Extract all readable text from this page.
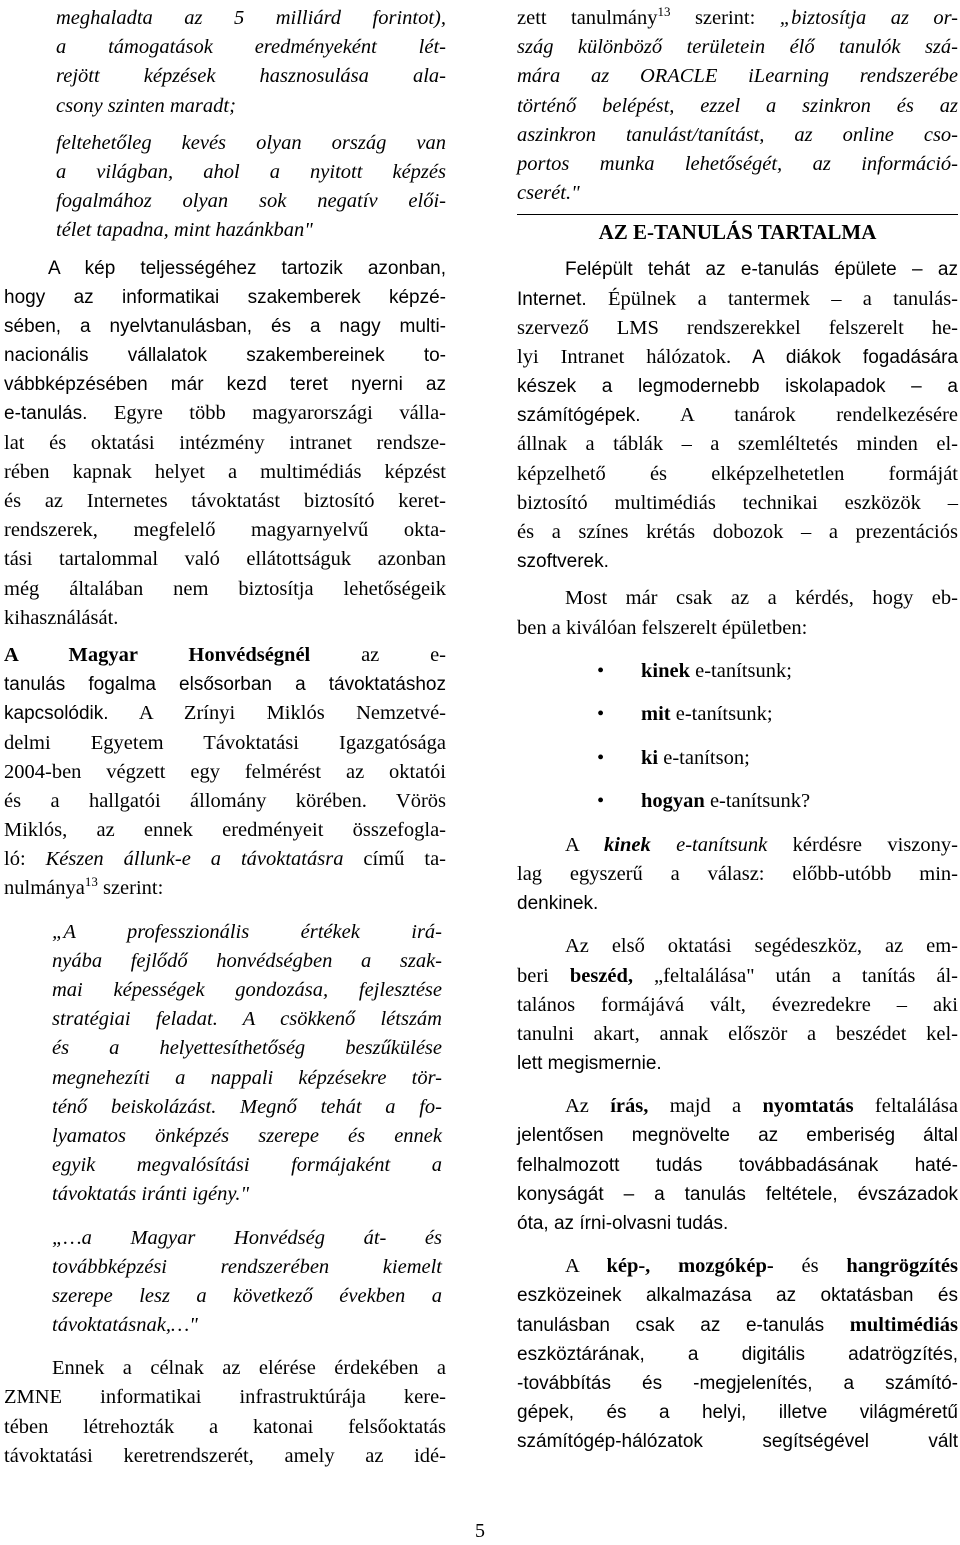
meghaladta az 5 milliárd forintot),
a támogatások eredményeként lét-
rejött képzések hasznosulása ala-
csony szinten maradt;
feltehetőleg kevés olyan ország van
a világban, ahol a nyitott képzés
fogalmához olyan sok negatív elői-
télet tapadna, mint hazánkban"
A kép teljességéhez tartozik azonban,
hogy az informatikai szakemberek képzé-
sében, a nyelvtanulásban, és a nagy multi-
nacionális vállalatok szakembereinek to-
vábbképzésében már kezd teret nyerni az
e-tanulás. Egyre több magyarországi válla-
lat és oktatási intézmény intranet rendsze-
rében kapnak helyet a multimédiás képzést
és az Internetes távoktatást biztosító keret-
rendszerek, megfelelő magyarnyelvű okta-
tási tartalommal való ellátottságuk azonban
még általában nem biztosítja lehetőségeik
kihasználását.
A Magyar Honvédségnél az e-
tanulás fogalma elsősorban a távoktatáshoz
kapcsolódik. A Zrínyi Miklós Nemzetvé-
delmi Egyetem Távoktatási Igazgatósága
2004-ben végzett egy felmérést az oktatói
és a hallgatói állomány körében. Vörös
Miklós, az ennek eredményeit összefogla-
ló: Készen állunk-e a távoktatásra című ta-
nulmánya$^{13}$ szerint:
„A professzionális értékek irá-
nyába fejlődő honvédségben a szak-
mai képességek gondozása, fejlesztése
stratégiai feladat. A csökkenő létszám
és a helyettesíthetőség beszűkülése
megnehezíti a nappali képzésekre tör-
ténő beiskolázást. Megnő tehát a fo-
lyamatos önképzés szerepe és ennek
egyik megvalósítási formájaként a
távoktatás iránti igény."
„…a Magyar Honvédség át- és
továbbképzési rendszerében kiemelt
szerepe lesz a következő években a
távoktatásnak,…"
Ennek a célnak az elérése érdekében a
ZMNE informatikai infrastruktúrája kere-
tében létrehozták a katonai felsőoktatás
távoktatási keretrendszerét, amely az idé-
zett tanulmány$^{13}$ szerint: „biztosítja az or-
szág különböző területein élő tanulók szá-
mára az ORACLE iLearning rendszerébe
történő belépést, ezzel a szinkron és az
aszinkron tanulást/tanítást, az online cso-
portos munka lehetőségét, az információ-
cserét."
AZ E-TANULÁS TARTALMA
Felépült tehát az e-tanulás épülete – az
Internet. Épülnek a tantermek – a tanulás-
szervező LMS rendszerekkel felszerelt he-
lyi Intranet hálózatok. A diákok fogadására
készek a legmodernebb iskolapadok – a
számítógépek. A tanárok rendelkezésére
állnak a táblák – a szemléltetés minden el-
képzelhető és elképzelhetetlen formáját
biztosító multimédiás technikai eszközök –
és a színes krétás dobozok – a prezentációs
szoftverek.
Most már csak az a kérdés, hogy eb-
ben a kiválóan felszerelt épületben:
• kinek e-tanítsunk;
• mit e-tanítsunk;
• ki e-tanítson;
• hogyan e-tanítsunk?
A kinek e-tanítsunk kérdésre viszony-
lag egyszerű a válasz: előbb-utóbb min-
denkinek.
Az első oktatási segédeszköz, az em-
beri beszéd, „feltalálása" után a tanítás ál-
talános formájává vált, évezredekre – aki
tanulni akart, annak először a beszédet kel-
lett megismernie.
Az írás, majd a nyomtatás feltalálása
jelentősen megnövelte az emberiség által
felhalmozott tudás továbbadásának haté-
konyságát – a tanulás feltétele, évszázadok
óta, az írni-olvasni tudás.
A kép-, mozgókép- és hangrögzítés
eszközeinek alkalmazása az oktatásban és
tanulásban csak az e-tanulás multimédiás
eszköztárának, a digitális adatrögzítés,
-továbbítás és -megjelenítés, a számító-
gépek, és a helyi, illetve világméretű
számítógép-hálózatok segítségével vált
5
